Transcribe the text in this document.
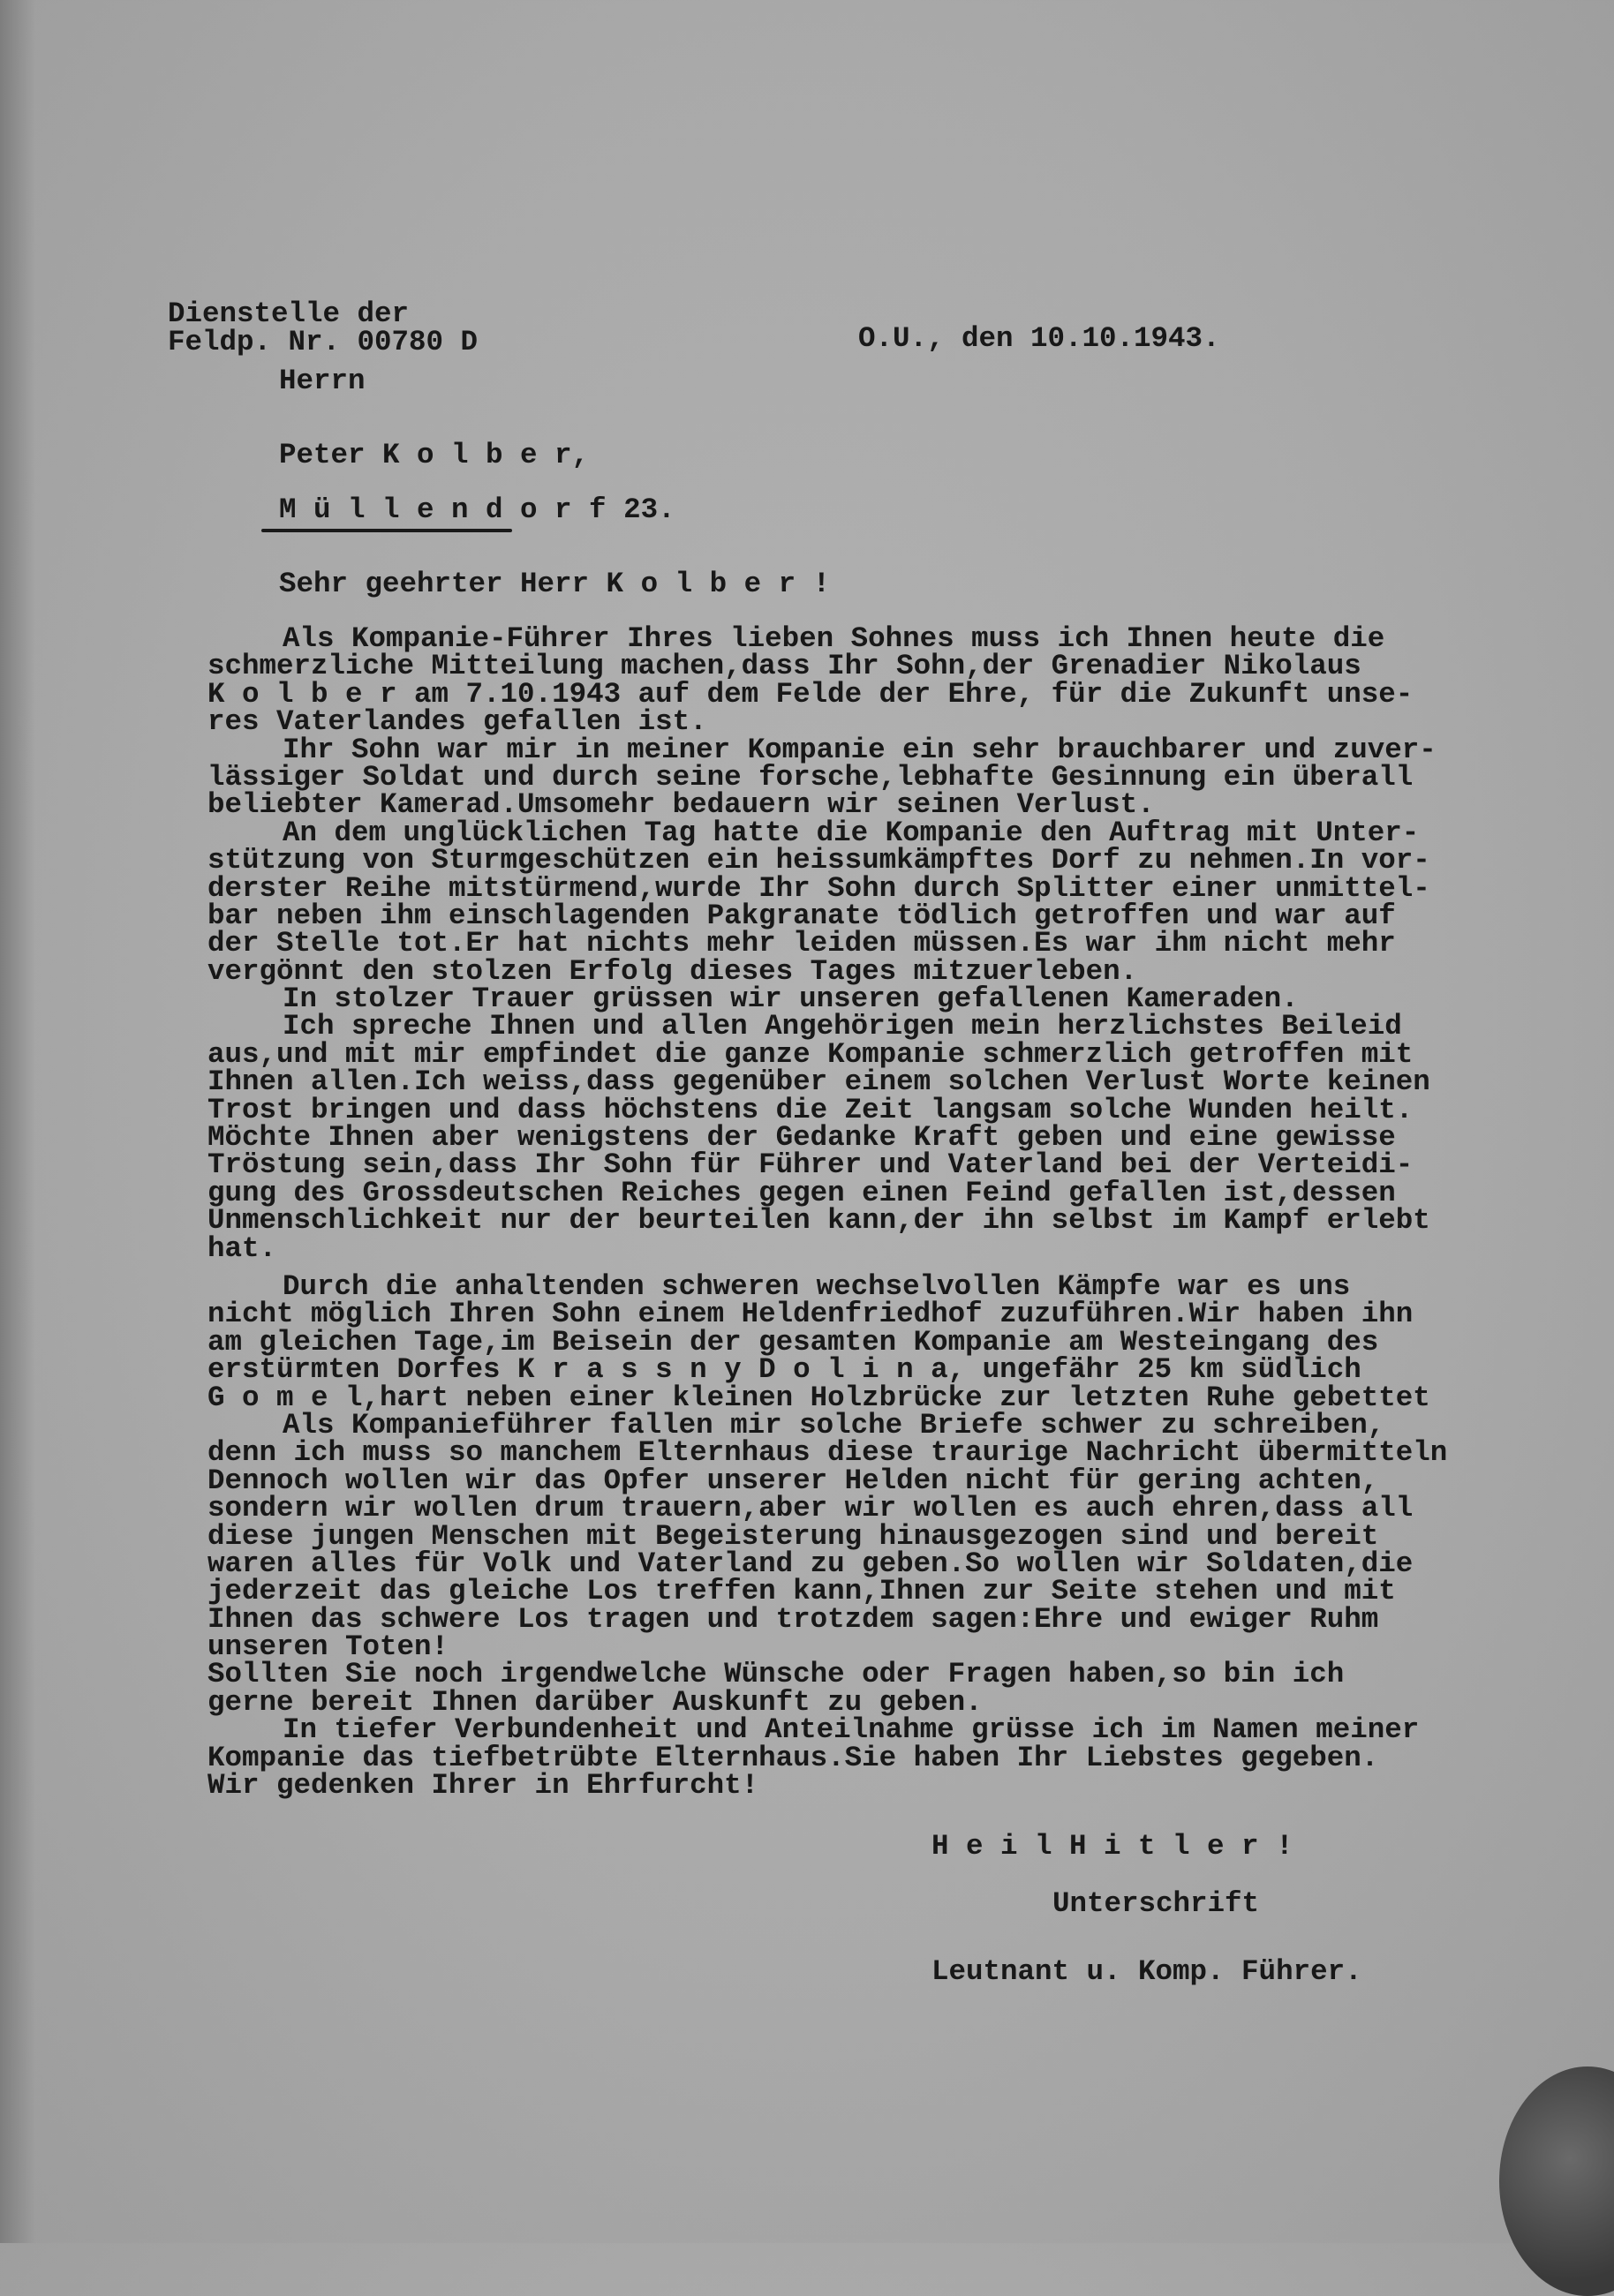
Dienstelle der
Feldp. Nr. 00780 D	O.U., den 10.10.1943.
Herrn
Peter K o l b e r,
M ü l l e n d o r f 23.
Sehr geehrter Herr K o l b e r !
Als Kompanie-Führer Ihres lieben Sohnes muss ich Ihnen heute die
schmerzliche Mitteilung machen,dass Ihr Sohn,der Grenadier Nikolaus
K o l b e r am 7.10.1943 auf dem Felde der Ehre, für die Zukunft unse-
res Vaterlandes gefallen ist.
Ihr Sohn war mir in meiner Kompanie ein sehr brauchbarer und zuver-
lässiger Soldat und durch seine forsche,lebhafte Gesinnung ein überall
beliebter Kamerad.Umsomehr bedauern wir seinen Verlust.
An dem unglücklichen Tag hatte die Kompanie den Auftrag mit Unter-
stützung von Sturmgeschützen ein heissumkämpftes Dorf zu nehmen.In vor-
derster Reihe mitstürmend,wurde Ihr Sohn durch Splitter einer unmittel-
bar neben ihm einschlagenden Pakgranate tödlich getroffen und war auf
der Stelle tot.Er hat nichts mehr leiden müssen.Es war ihm nicht mehr
vergönnt den stolzen Erfolg dieses Tages mitzuerleben.
In stolzer Trauer grüssen wir unseren gefallenen Kameraden.
Ich spreche Ihnen und allen Angehörigen mein herzlichstes Beileid
aus,und mit mir empfindet die ganze Kompanie schmerzlich getroffen mit
Ihnen allen.Ich weiss,dass gegenüber einem solchen Verlust Worte keinen
Trost bringen und dass höchstens die Zeit langsam solche Wunden heilt.
Möchte Ihnen aber wenigstens der Gedanke Kraft geben und eine gewisse
Tröstung sein,dass Ihr Sohn für Führer und Vaterland bei der Verteidi-
gung des Grossdeutschen Reiches gegen einen Feind gefallen ist,dessen
Unmenschlichkeit nur der beurteilen kann,der ihn selbst im Kampf erlebt
hat.
Durch die anhaltenden schweren wechselvollen Kämpfe war es uns
nicht möglich Ihren Sohn einem Heldenfriedhof zuzuführen.Wir haben ihn
am gleichen Tage,im Beisein der gesamten Kompanie am Westeingang des
erstürmten Dorfes K r a s s n y D o l i n a, ungefähr 25 km südlich
G o m e l,hart neben einer kleinen Holzbrücke zur letzten Ruhe gebettet
Als Kompanieführer fallen mir solche Briefe schwer zu schreiben,
denn ich muss so manchem Elternhaus diese traurige Nachricht übermitteln
Dennoch wollen wir das Opfer unserer Helden nicht für gering achten,
sondern wir wollen drum trauern,aber wir wollen es auch ehren,dass all
diese jungen Menschen mit Begeisterung hinausgezogen sind und bereit
waren alles für Volk und Vaterland zu geben.So wollen wir Soldaten,die
jederzeit das gleiche Los treffen kann,Ihnen zur Seite stehen und mit
Ihnen das schwere Los tragen und trotzdem sagen:Ehre und ewiger Ruhm
unseren Toten!
Sollten Sie noch irgendwelche Wünsche oder Fragen haben,so bin ich
gerne bereit Ihnen darüber Auskunft zu geben.
In tiefer Verbundenheit und Anteilnahme grüsse ich im Namen meiner
Kompanie das tiefbetrübte Elternhaus.Sie haben Ihr Liebstes gegeben.
Wir gedenken Ihrer in Ehrfurcht!
H e i l H i t l e r !
Unterschrift
Leutnant u. Komp. Führer.
